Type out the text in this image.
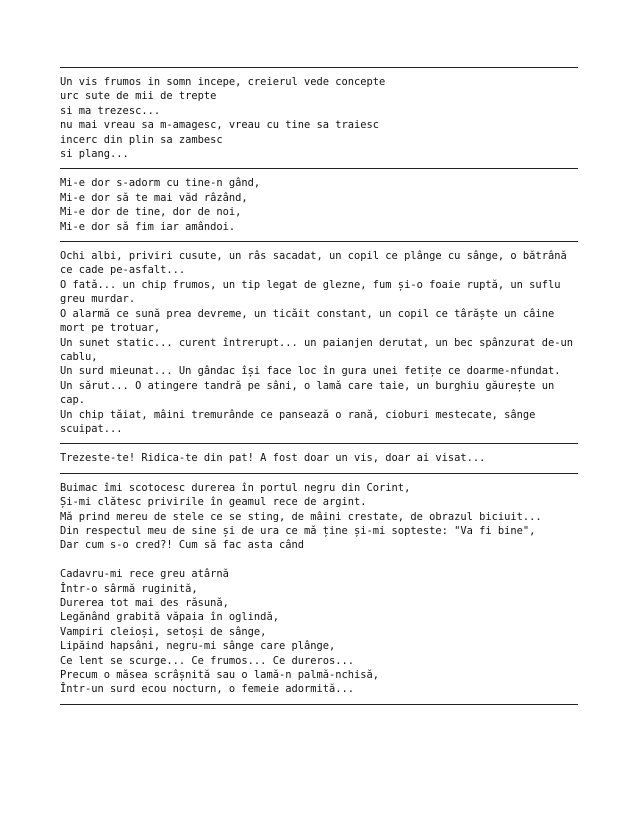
Un vis frumos in somn incepe, creierul vede concepte

urc sute de mii de trepte

si ma trezesc...

nu mai vreau sa m-amagesc, vreau cu tine sa traiesc

incerc din plin sa zambesc

si plang...

Mi-e dor s-adorm cu tine-n gând,

Mi-e dor să te mai văd râzând,

Mi-e dor de tine, dor de noi,

Mi-e dor să fim iar amândoi.

Ochi albi, priviri cusute, un râs sacadat, un copil ce plânge cu sânge, o bătrână

ce cade pe-asfalt...

O fată... un chip frumos, un tip legat de glezne, fum și-o foaie ruptă, un suflu

greu murdar.

O alarmă ce sună prea devreme, un ticăit constant, un copil ce târăște un câine

mort pe trotuar,

Un sunet static... curent întrerupt... un paianjen derutat, un bec spânzurat de-un

cablu,

Un surd mieunat... Un gândac își face loc în gura unei fetițe ce doarme-nfundat.

Un sărut... O atingere tandră pe sâni, o lamă care taie, un burghiu găurește un

cap.

Un chip tăiat, mâini tremurânde ce pansează o rană, cioburi mestecate, sânge

scuipat...

Trezeste-te! Ridica-te din pat! A fost doar un vis, doar ai visat...

Buimac îmi scotocesc durerea în portul negru din Corint,

Și-mi clătesc privirile în geamul rece de argint.

Mă prind mereu de stele ce se sting, de mâini crestate, de obrazul biciuit...

Din respectul meu de sine și de ura ce mă ține și-mi sopteste: "Va fi bine",

Dar cum s-o cred?! Cum să fac asta când

Cadavru-mi rece greu atârnă

Într-o sârmă ruginită,

Durerea tot mai des răsună,

Legănând grabită văpaia în oglindă,

Vampiri cleioși, setoși de sânge,

Lipăind hapsâni, negru-mi sânge care plânge,

Ce lent se scurge... Ce frumos... Ce dureros...

Precum o măsea scrâșnită sau o lamă-n palmă-nchisă,

Într-un surd ecou nocturn, o femeie adormită...
